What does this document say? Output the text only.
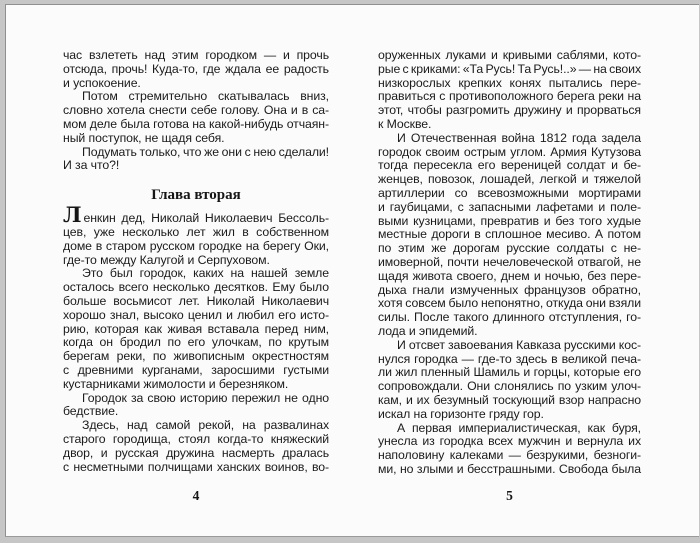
час взлететь над этим городком — и прочь
отсюда, прочь! Куда-то, где ждала ее радость
и успокоение.
Потом стремительно скатывалась вниз,
словно хотела снести себе голову. Она и в са-
мом деле была готова на какой-нибудь отчаян-
ный поступок, не щадя себя.
Подумать только, что же они с нею сделали!
И за что?!
Глава вторая
Ленкин дед, Николай Николаевич Бессоль-
цев, уже несколько лет жил в собственном
доме в старом русском городке на берегу Оки,
где-то между Калугой и Серпуховом.
Это был городок, каких на нашей земле
осталось всего несколько десятков. Ему было
больше восьмисот лет. Николай Николаевич
хорошо знал, высоко ценил и любил его исто-
рию, которая как живая вставала перед ним,
когда он бродил по его улочкам, по крутым
берегам реки, по живописным окрестностям
с древними курганами, заросшими густыми
кустарниками жимолости и березняком.
Городок за свою историю пережил не одно
бедствие.
Здесь, над самой рекой, на развалинах
старого городища, стоял когда-то княжеский
двор, и русская дружина насмерть дралась
с несметными полчищами ханских воинов, во-
оруженных луками и кривыми саблями, кото-
рые с криками: «Та Русь! Та Русь!..» — на своих
низкорослых крепких конях пытались пере-
правиться с противоположного берега реки на
этот, чтобы разгромить дружину и прорваться
к Москве.
И Отечественная война 1812 года задела
городок своим острым углом. Армия Кутузова
тогда пересекла его вереницей солдат и бе-
женцев, повозок, лошадей, легкой и тяжелой
артиллерии со всевозможными мортирами
и гаубицами, с запасными лафетами и поле-
выми кузницами, превратив и без того худые
местные дороги в сплошное месиво. А потом
по этим же дорогам русские солдаты с не-
имоверной, почти нечеловеческой отвагой, не
щадя живота своего, днем и ночью, без пере-
дыха гнали измученных французов обратно,
хотя совсем было непонятно, откуда они взяли
силы. После такого длинного отступления, го-
лода и эпидемий.
И отсвет завоевания Кавказа русскими кос-
нулся городка — где-то здесь в великой печа-
ли жил пленный Шамиль и горцы, которые его
сопровождали. Они слонялись по узким улоч-
кам, и их безумный тоскующий взор напрасно
искал на горизонте гряду гор.
А первая империалистическая, как буря,
унесла из городка всех мужчин и вернула их
наполовину калеками — безрукими, безноги-
ми, но злыми и бесстрашными. Свобода была
4	5
